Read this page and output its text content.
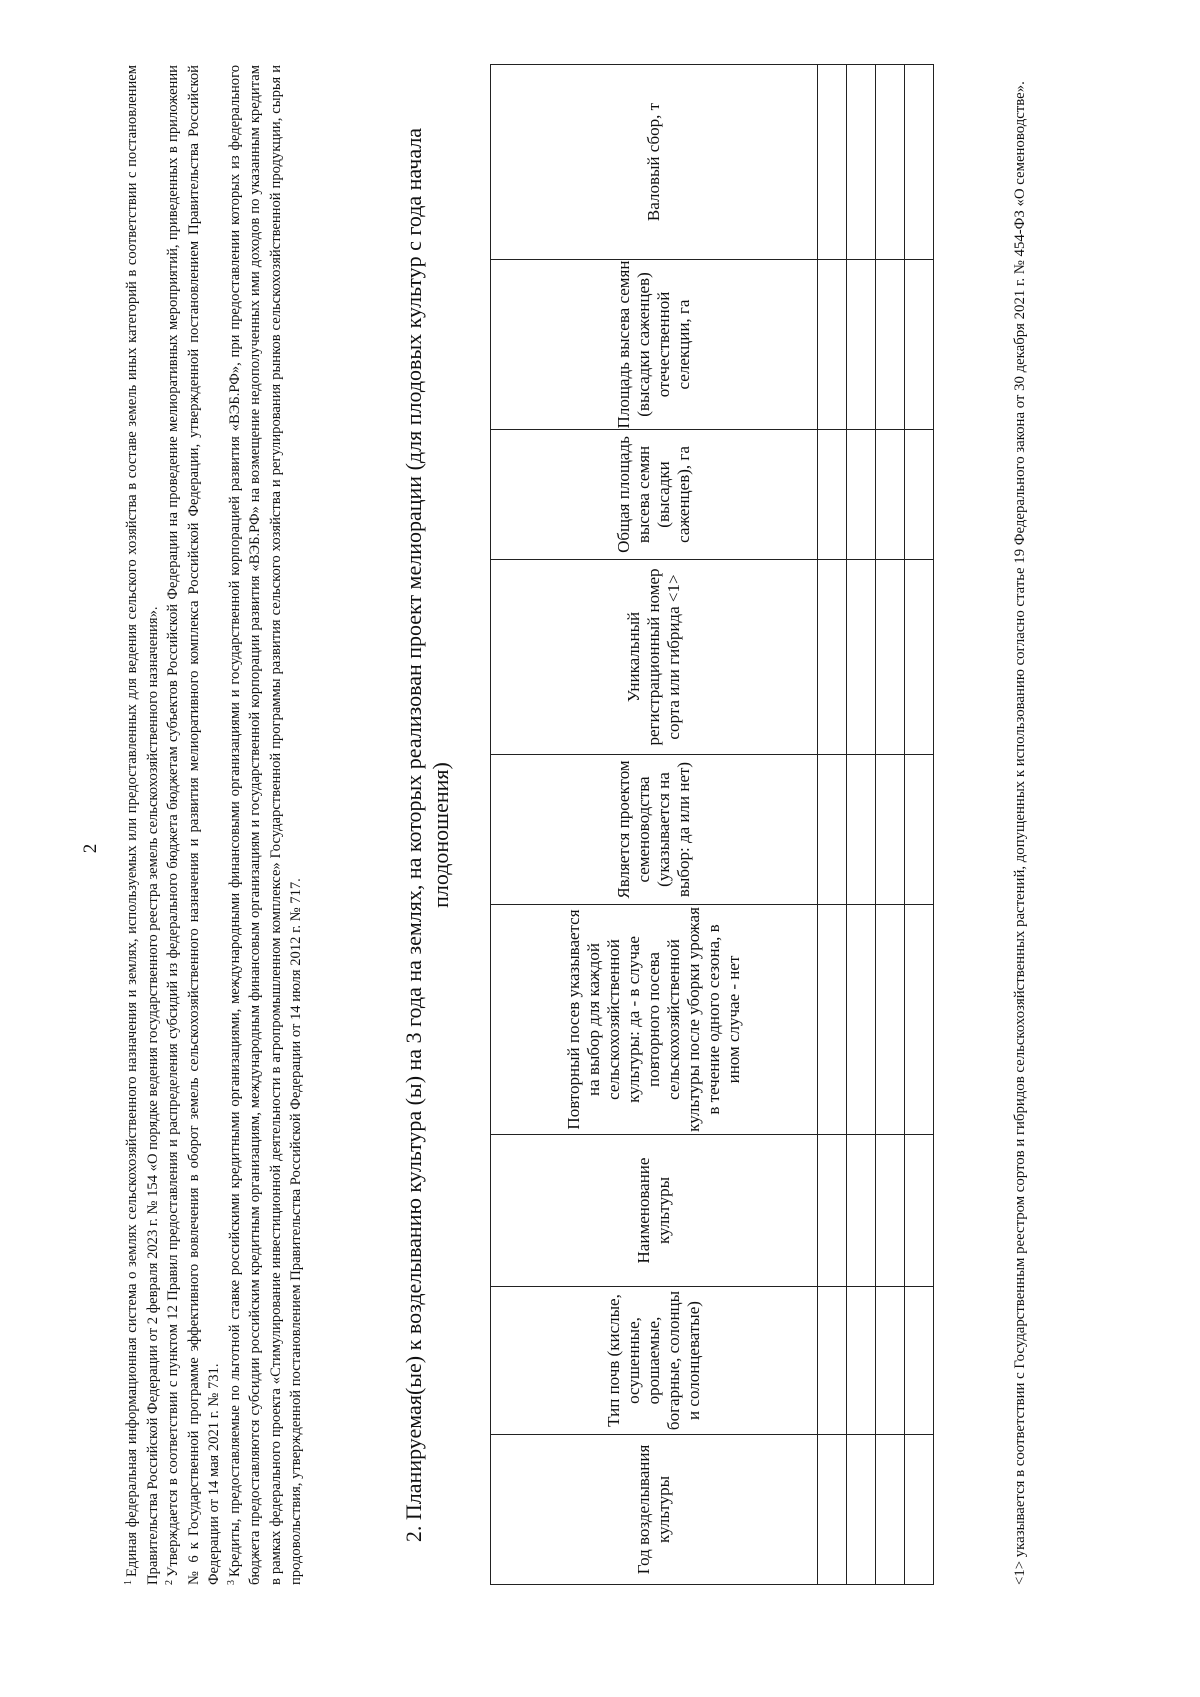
2

$^1$Единая федеральная информационная система о землях сельскохозяйственного назначения и землях, используемых или предоставленных для ведения сельского хозяйства в составе земель иных категорий в соответствии с постановлением Правительства Российской Федерации от 2 февраля 2023 г. № 154 «О порядке ведения государственного реестра земель сельскохозяйственного назначения». $^2$Утверждается в соответствии с пунктом 12 Правил предоставления и распределения субсидий из федерального бюджета бюджетам субъектов Российской Федерации на проведение мелиоративных мероприятий, приведенных в приложении № 6 к Государственной программе эффективного вовлечения в оборот земель сельскохозяйственного назначения и развития мелиоративного комплекса Российской Федерации, утвержденной постановлением Правительства Российской Федерации от 14 мая 2021 г. № 731. $^3$Кредиты, предоставляемые по льготной ставке российскими кредитными организациями, международными финансовыми организациями и государственной корпорацией развития «ВЭБ.РФ», при предоставлении которых из федерального бюджета предоставляются субсидии российским кредитным организациям, международным финансовым организациям и государственной корпорации развития «ВЭБ.РФ» на возмещение недополученных ими доходов по указанным кредитам в рамках федерального проекта «Стимулирование инвестиционной деятельности в агропромышленном комплексе» Государственной программы развития сельского хозяйства и регулирования рынков сельскохозяйственной продукции, сырья и продовольствия, утвержденной постановлением Правительства Российской Федерации от 14 июля 2012 г. № 717.	2. Планируемая(ые) к возделыванию культура (ы) на 3 года на землях, на которых реализован проект мелиорации (для плодовых культур с года начала плодоношения)
Год возделывания культуры	Тип почв (кислые, осушенные, орошаемые, богарные, солонцы и солонцеватые)	Наименование культуры	Повторный посев указывается на выбор для каждой сельскохозяйственной культуры: да - в случае повторного посева сельскохозяйственной культуры после уборки урожая в течение одного сезона, в ином случае - нет	Является проектом семеноводства (указывается на выбор: да или нет)	Уникальный регистрационный номер сорта или гибрида <1>	Общая площадь высева семян (высадки саженцев), га	Площадь высева семян (высадки саженцев) отечественной селекции, га	Валовый сбор, т

									<1> указывается в соответствии с Государственным реестром сортов и гибридов сельскохозяйственных растений, допущенных к использованию согласно статье 19 Федерального закона от 30 декабря 2021 г. № 454-ФЗ «О семеноводстве».
